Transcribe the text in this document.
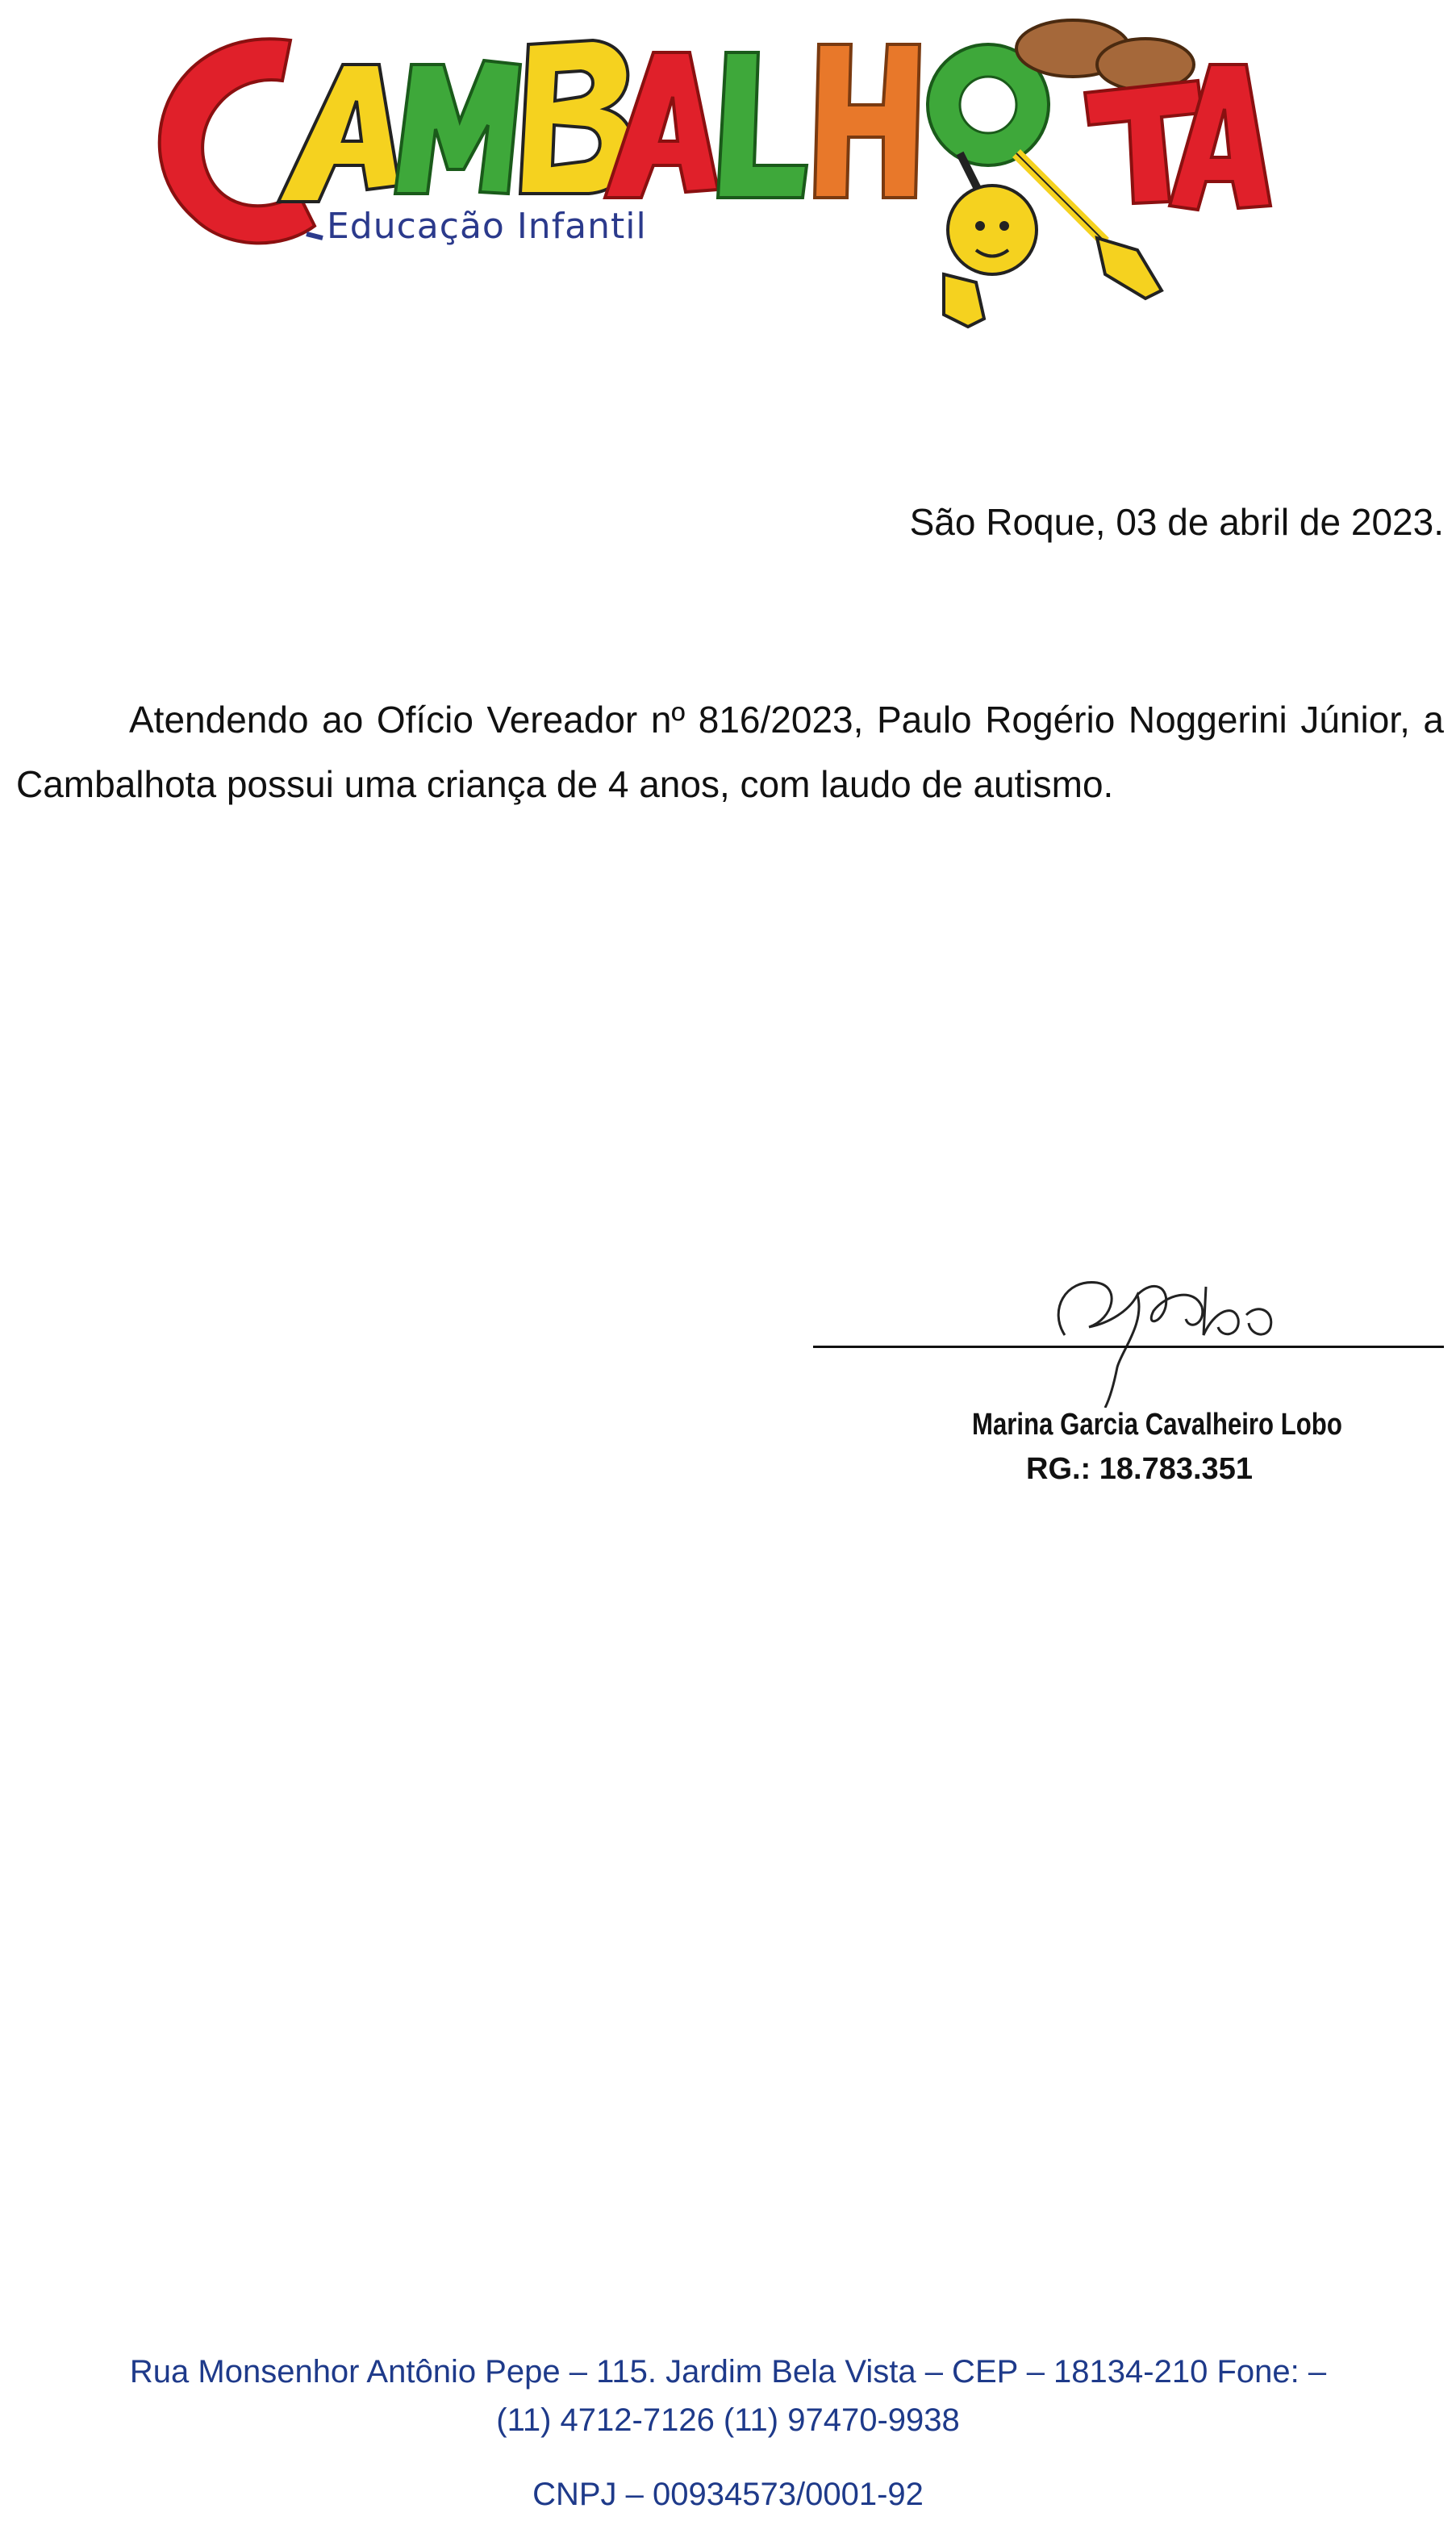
Educação Infantil
São Roque, 03 de abril de 2023.
Atendendo ao Ofício Vereador nº 816/2023, Paulo Rogério Noggerini Júnior, a Cambalhota possui uma criança de 4 anos, com laudo de autismo.
Marina Garcia Cavalheiro Lobo
RG.: 18.783.351
Rua Monsenhor Antônio Pepe – 115. Jardim Bela Vista – CEP – 18134-210 Fone: –
(11) 4712-7126 (11) 97470-9938
CNPJ – 00934573/0001-92
